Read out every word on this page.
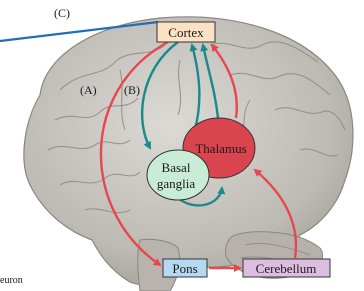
Cortex
Thalamus
Basal
ganglia
Pons	Cerebellum
(C)
(A) (B)
euron
